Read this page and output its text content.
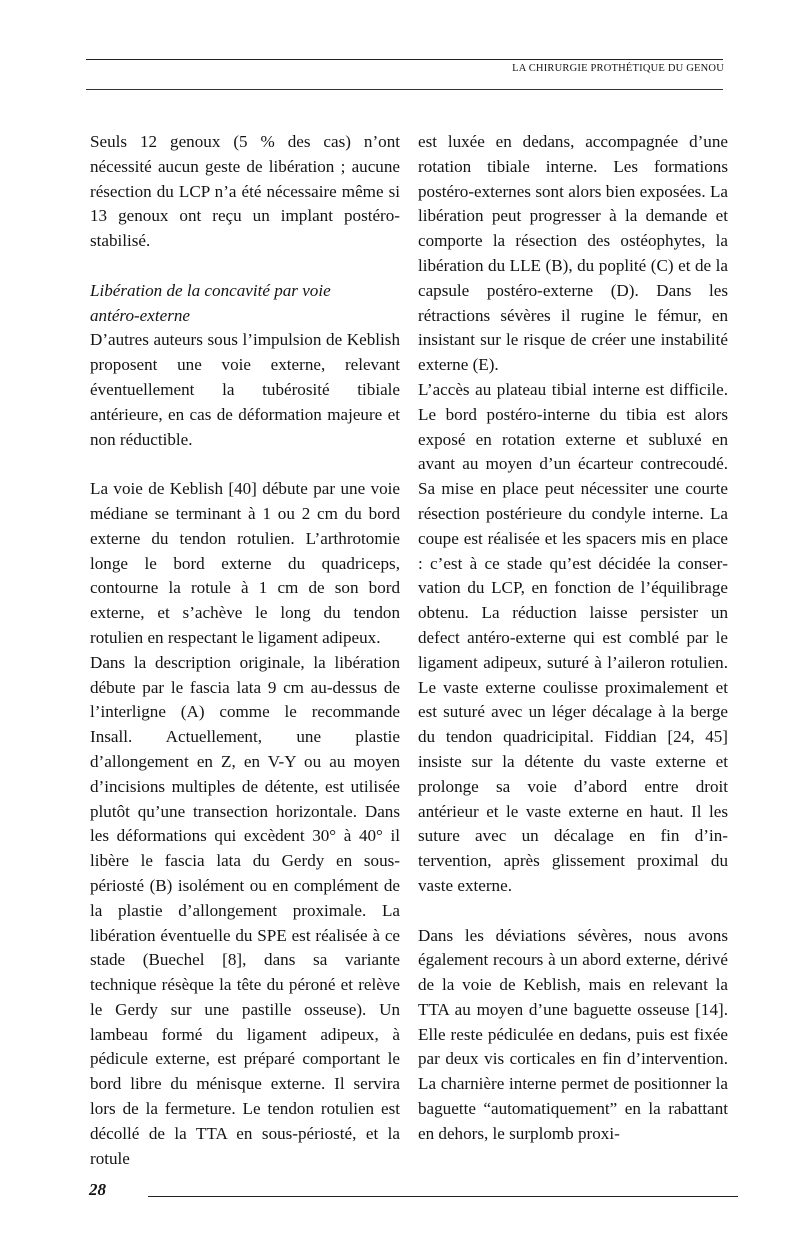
LA CHIRURGIE PROTHÉTIQUE DU GENOU

Seuls 12 genoux (5 % des cas) n’ont nécessité aucun geste de libération ; aucune résection du LCP n’a été nécessaire même si 13 genoux ont reçu un implant postéro-stabilisé.

Libération de la concavité par voie

antéro-externe

D’autres auteurs sous l’impulsion de Keblish proposent une voie externe, relevant éventuellement la tubérosité tibiale antérieure, en cas de déformation majeure et non réductible.

La voie de Keblish [40] débute par une voie médiane se terminant à 1 ou 2 cm du bord externe du tendon rotulien. L’arthrotomie longe le bord externe du quadriceps, contourne la rotule à 1 cm de son bord externe, et s’achève le long du tendon rotulien en respectant le ligament adipeux.

Dans la description originale, la libération débute par le fascia lata 9 cm au-dessus de l’interligne (A) comme le recommande Insall. Actuellement, une plastie d’allongement en Z, en V-Y ou au moyen d’incisions multiples de détente, est utilisée plutôt qu’une transection horizontale. Dans les déformations qui excèdent 30° à 40° il libère le fascia lata du Gerdy en sous-périosté (B) isolément ou en complément de la plastie d’allongement proximale. La libération éventuelle du SPE est réalisée à ce stade (Buechel [8], dans sa variante technique résèque la tête du péroné et relève le Gerdy sur une pastille osseuse). Un lambeau formé du ligament adipeux, à pédicule externe, est préparé comportant le bord libre du ménisque externe. Il servira lors de la fermeture. Le tendon rotulien est décollé de la TTA en sous-périosté, et la rotule

est luxée en dedans, accompagnée d’une rotation tibiale interne. Les formations postéro-externes sont alors bien exposées. La libération peut progresser à la demande et comporte la résection des ostéophytes, la libération du LLE (B), du poplité (C) et de la capsule postéro-externe (D). Dans les rétractions sévères il rugine le fémur, en insistant sur le risque de créer une instabilité externe (E).

L’accès au plateau tibial interne est difficile. Le bord postéro-interne du tibia est alors exposé en rotation externe et subluxé en avant au moyen d’un écarteur contrecoudé. Sa mise en place peut nécessiter une courte résection postérieure du condyle interne. La coupe est réalisée et les spacers mis en place : c’est à ce stade qu’est décidée la conservation du LCP, en fonction de l’équilibrage obtenu. La réduction laisse persister un defect antéro-externe qui est comblé par le ligament adipeux, suturé à l’aileron rotulien. Le vaste externe coulisse proximalement et est suturé avec un léger décalage à la berge du tendon quadricipital. Fiddian [24, 45] insiste sur la détente du vaste externe et prolonge sa voie d’abord entre droit antérieur et le vaste externe en haut. Il les suture avec un décalage en fin d’intervention, après glissement proximal du vaste externe.

Dans les déviations sévères, nous avons également recours à un abord externe, dérivé de la voie de Keblish, mais en relevant la TTA au moyen d’une baguette osseuse [14]. Elle reste pédiculée en dedans, puis est fixée par deux vis corticales en fin d’intervention. La charnière interne permet de positionner la baguette “automatiquement” en la rabattant en dehors, le surplomb proxi-

28
